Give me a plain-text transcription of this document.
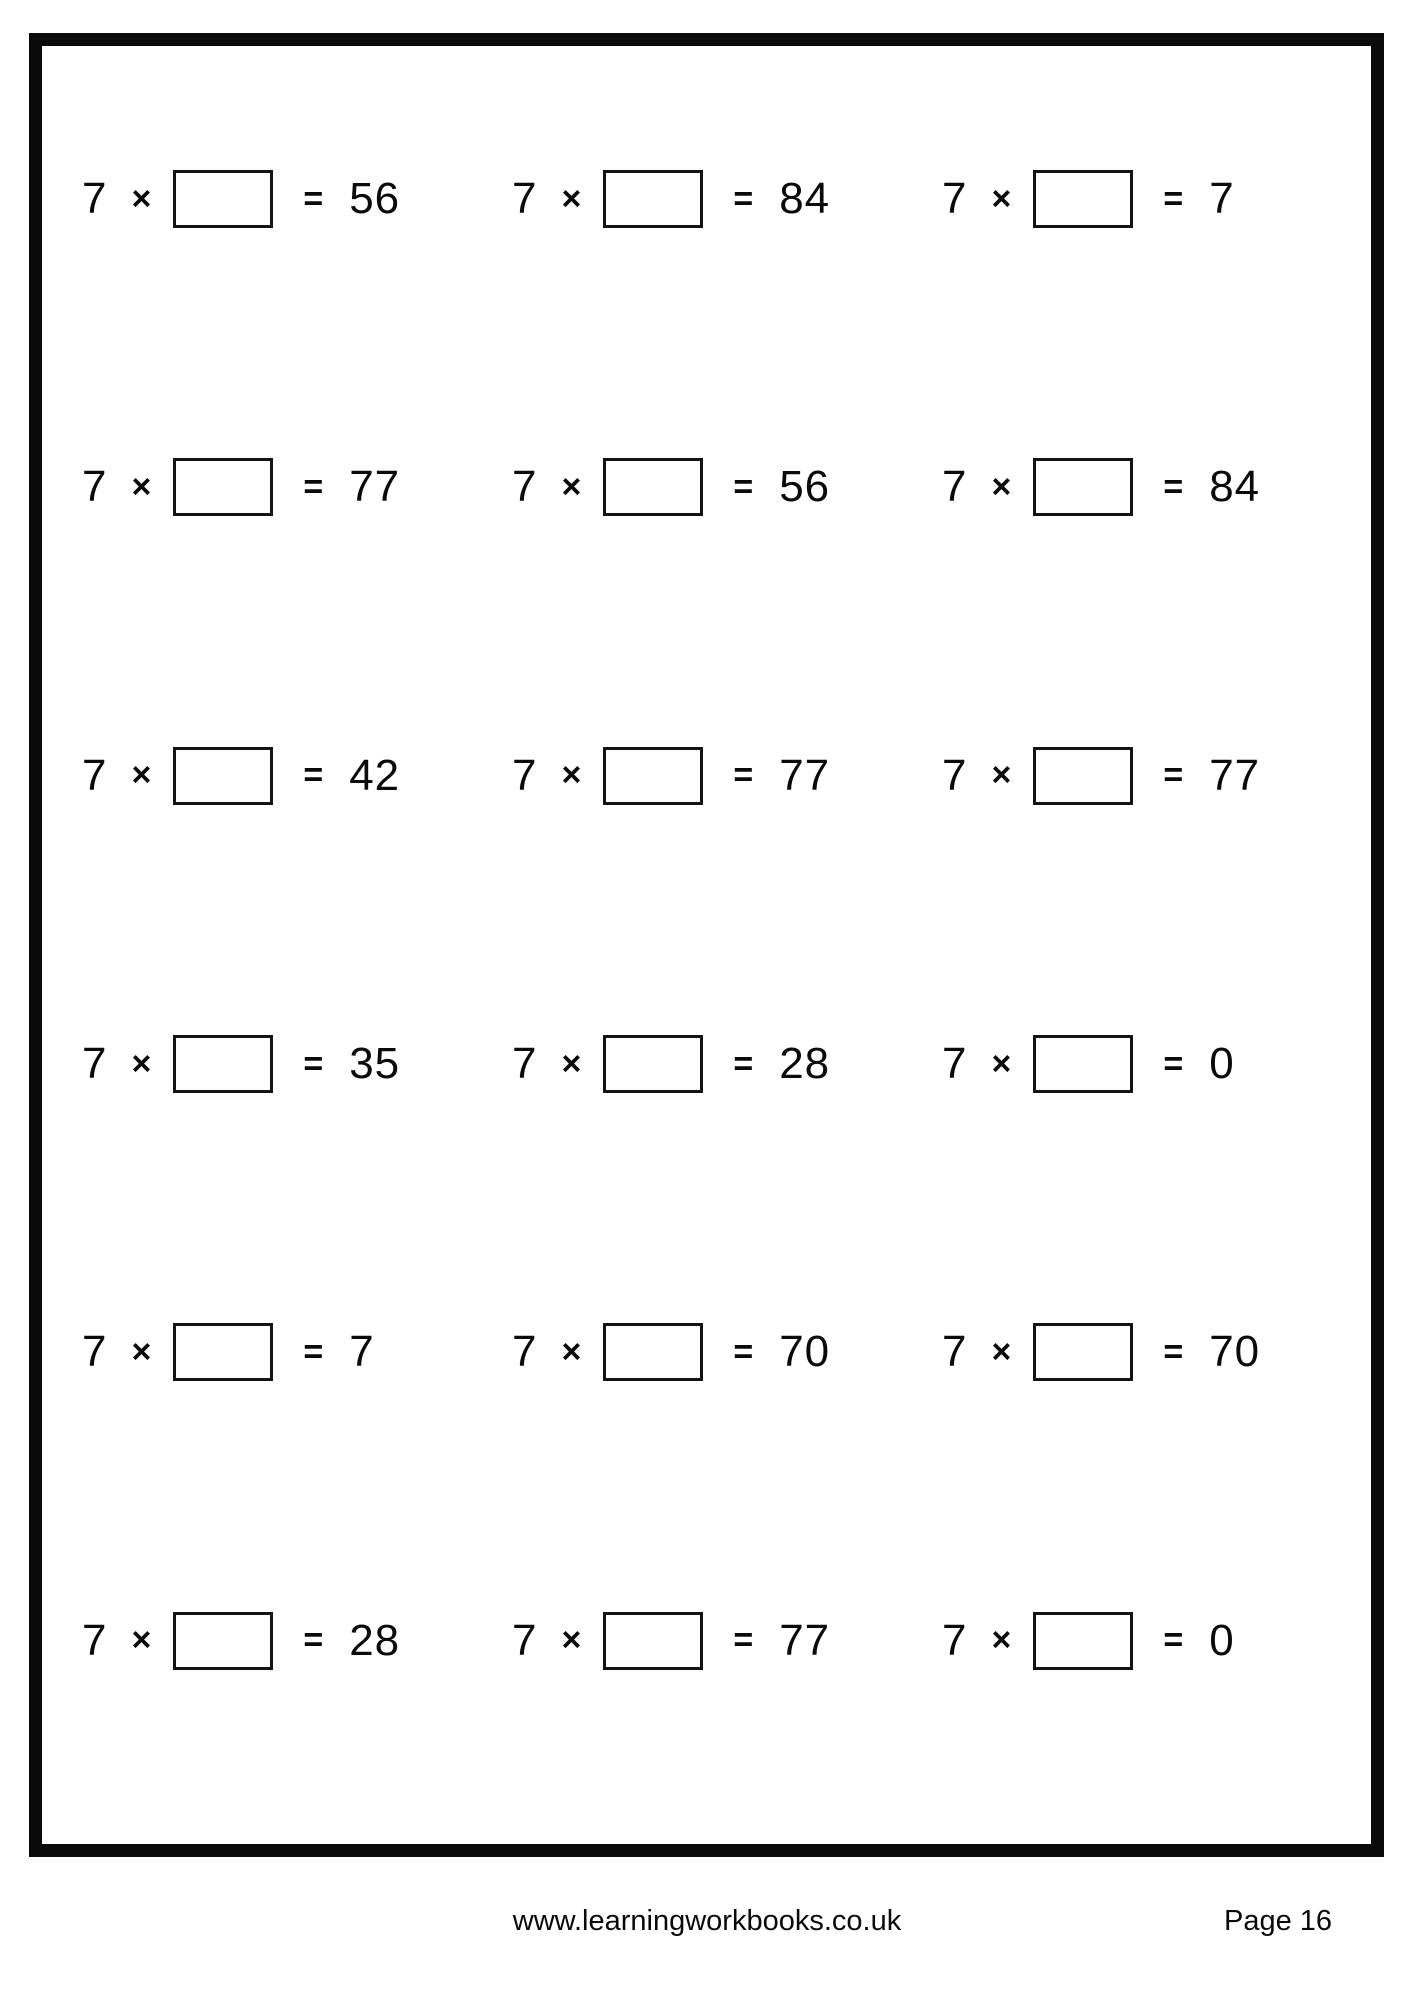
7 ×	= 56	7 ×	= 84	7 ×	= 7
7 ×	= 77	7 ×	= 56	7 ×	= 84
7 ×	= 42	7 ×	= 77	7 ×	= 77
7 ×	= 35	7 ×	= 28	7 ×	= 0
7 ×	= 7	7 ×	= 70	7 ×	= 70
7 ×	= 28	7 ×	= 77	7 ×	= 0
www.learningworkbooks.co.uk	Page 16
